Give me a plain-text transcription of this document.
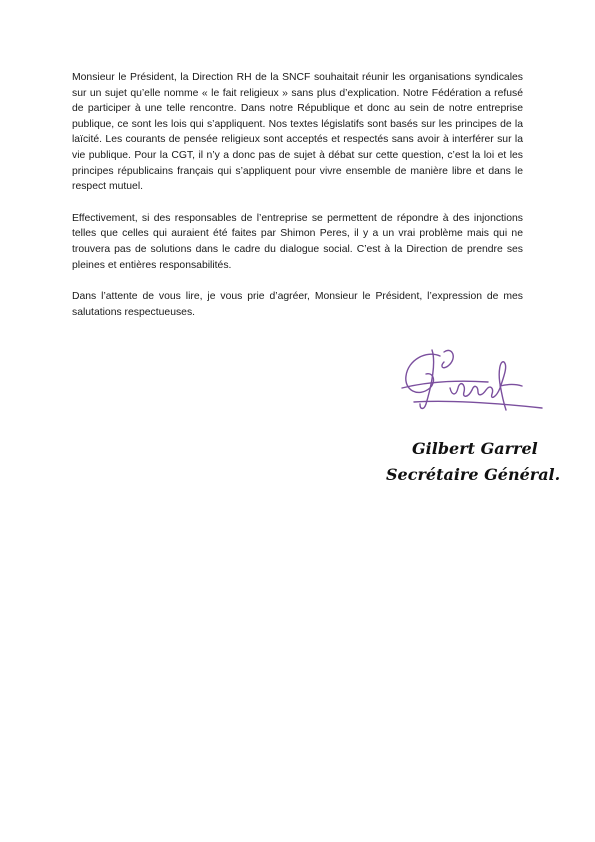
Monsieur le Président, la Direction RH de la SNCF souhaitait réunir les organisations syndicales sur un sujet qu’elle nomme « le fait religieux » sans plus d’explication. Notre Fédération a refusé de participer à une telle rencontre. Dans notre République et donc au sein de notre entreprise publique, ce sont les lois qui s’appliquent. Nos textes législatifs sont basés sur les principes de la laïcité. Les courants de pensée religieux sont acceptés et respectés sans avoir à interférer sur la vie publique. Pour la CGT, il n’y a donc pas de sujet à débat sur cette question, c’est la loi et les principes républicains français qui s’appliquent pour vivre ensemble de manière libre et dans le respect mutuel.

Effectivement, si des responsables de l’entreprise se permettent de répondre à des injonctions telles que celles qui auraient été faites par Shimon Peres, il y a un vrai problème mais qui ne trouvera pas de solutions dans le cadre du dialogue social. C’est à la Direction de prendre ses pleines et entières responsabilités.

Dans l’attente de vous lire, je vous prie d’agréer, Monsieur le Président, l’expression de mes salutations respectueuses.

Gilbert Garrel
Secrétaire Général.
